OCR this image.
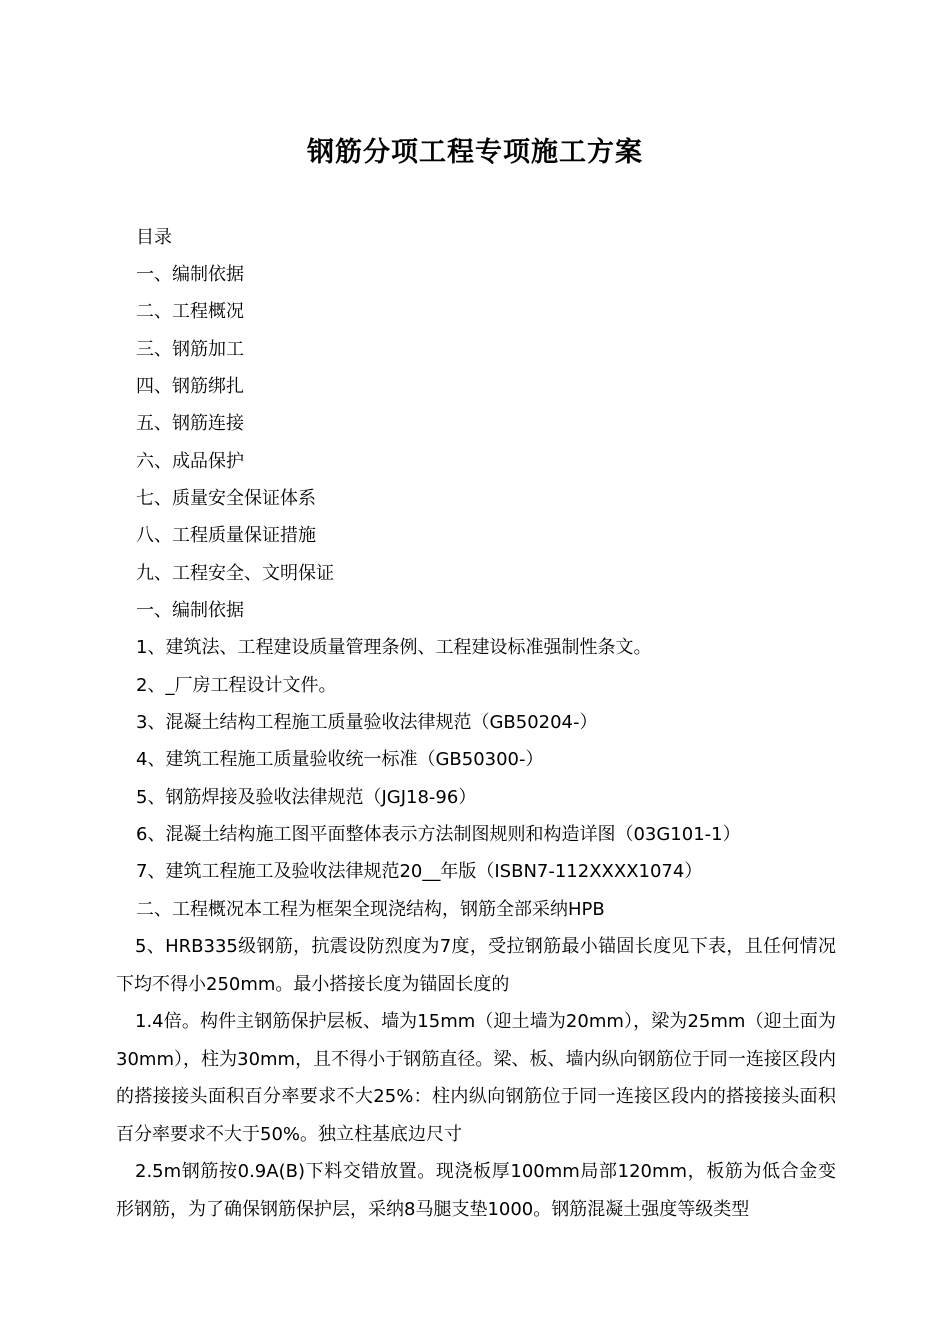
钢筋分项工程专项施工方案
目录
一、编制依据
二、工程概况
三、钢筋加工
四、钢筋绑扎
五、钢筋连接
六、成品保护
七、质量安全保证体系
八、工程质量保证措施
九、工程安全、文明保证
一、编制依据
1、建筑法、工程建设质量管理条例、工程建设标准强制性条文。
2、_厂房工程设计文件。
3、混凝土结构工程施工质量验收法律规范（GB50204-）
4、建筑工程施工质量验收统一标准（GB50300-）
5、钢筋焊接及验收法律规范（JGJ18-96）
6、混凝土结构施工图平面整体表示方法制图规则和构造详图（03G101-1）
7、建筑工程施工及验收法律规范20__年版（ISBN7-112XXXX1074）
二、工程概况本工程为框架全现浇结构，钢筋全部采纳HPB
5、HRB335级钢筋，抗震设防烈度为7度，受拉钢筋最小锚固长度见下表，且任何情况下均不得小250mm。最小搭接长度为锚固长度的
1.4倍。构件主钢筋保护层板、墙为15mm（迎土墙为20mm），梁为25mm（迎土面为30mm），柱为30mm，且不得小于钢筋直径。梁、板、墙内纵向钢筋位于同一连接区段内的搭接接头面积百分率要求不大25%：柱内纵向钢筋位于同一连接区段内的搭接接头面积百分率要求不大于50%。独立柱基底边尺寸
2.5m钢筋按0.9A(B)下料交错放置。现浇板厚100mm局部120mm，板筋为低合金变形钢筋，为了确保钢筋保护层，采纳8马腿支垫1000。钢筋混凝土强度等级类型
